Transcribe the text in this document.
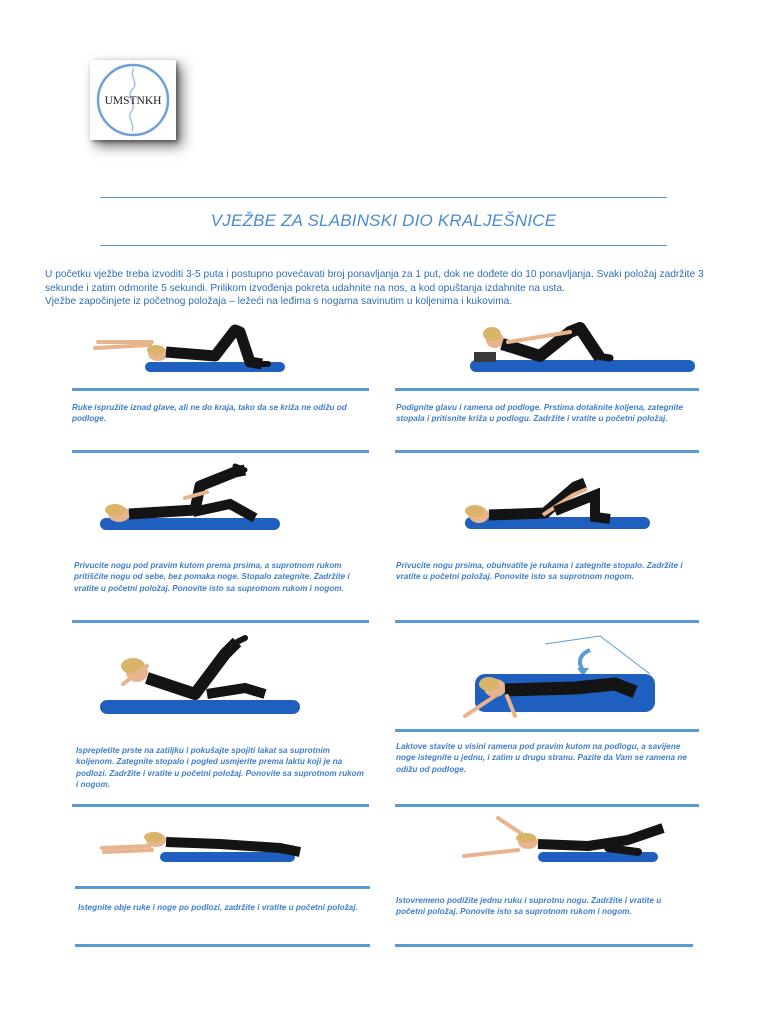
UMSTNKH
VJEŽBE ZA SLABINSKI DIO KRALJEŠNICE

U početku vježbe treba izvoditi 3-5 puta i postupno povećavati broj ponavljanja za 1 put, dok ne dođete do 10 ponavljanja. Svaki položaj zadržite 3 sekunde i zatim odmorite 5 sekundi. Prilikom izvođenja pokreta udahnite na nos, a kod opuštanja izdahnite na usta.

Vježbe započinjete iz početnog položaja – ležeći na leđima s nogama savinutim u koljenima i kukovima.

Ruke ispružite iznad glave, ali ne do kraja, tako da se križa ne odižu od podloge.
Podignite glavu i ramena od podloge. Prstima dotaknite koljena, zategnite stopala i pritisnite križa u podlogu. Zadržite i vratite u početni položaj.
Privucite nogu pod pravim kutom prema prsima, a suprotnom rukom pritiščite nogu od sebe, bez pomaka noge. Stopalo zategnite. Zadržite i vratite u početni položaj. Ponovite isto sa suprotnom rukom i nogom.
Privucite nogu prsima, obuhvatite je rukama i zategnite stopalo. Zadržite i vratite u početni položaj. Ponovite isto sa suprotnom nogom.
Isprepletite prste na zatiljku i pokušajte spojiti lakat sa suprotnim koljenom. Zategnite stopalo i pogled usmjerite prema laktu koji je na podlozi. Zadržite i vratite u početni položaj. Ponovite sa suprotnom rukom i nogom.
Laktove stavite u visini ramena pod pravim kutom na podlogu, a savijene noge istegnite u jednu, i zatim u drugu stranu. Pazite da Vam se ramena ne odižu od podloge.
Istegnite obje ruke i noge po podlozi, zadržite i vratite u početni položaj.
Istovremeno podižite jednu ruku i suprotnu nogu. Zadržite i vratite u početni položaj. Ponovite isto sa suprotnom rukom i nogom.
